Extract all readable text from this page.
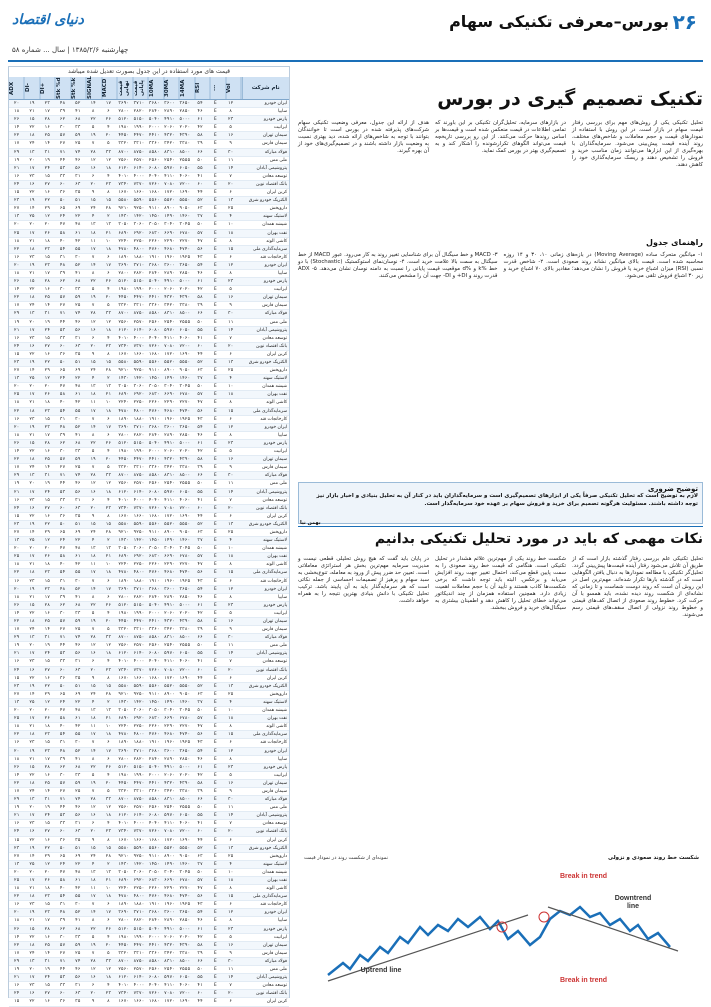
۲۶
دنیای اقتصاد	بورس–معرفی تکنیکی سهام
چهارشنبه ۱۳۸۵/۲/۶ | سال ... شماره ۵۸
قیمت های مورد استفاده در این جدول بصورت تعدیل شده میباشد
ADX	DI-	DI+	Stk %d	Stk %k	SIGNAL	MACD	قیمت نهایی قیمت پایانی 10MA	30MA	14MA	RSI	...	Vol	نام شرکت
۲۰	۱۹	۲۳	۴۸	۵۲	۱۴	۱۷	۳۶۹۰ ۳۷۱۰ ۳۶۸۰ ۳۶۰۰ ۳۶۵۰	۵۴	E	۱۲	ایران‌ خودرو
۱۸	۲۱	۱۷	۳۹	۴۱	۸	۶	۲۸۰۰ ۲۸۲۰ ۲۸۴۰ ۲۸۹۰ ۲۸۵۰	۴۶	E	۸	سایپا
۲۶	۱۵	۲۸	۶۲	۶۸	۲۲	۲۶	۵۱۲۰ ۵۱۵۰ ۵۰۴۰ ۴۹۱۰ ۵۰۰۰	۶۱	E	۲۳	پارس‌ خودرو
۱۴	۲۲	۱۶	۳۰	۳۳	۵	۴	۱۹۸۰ ۱۹۹۰ ۲۰۰۰ ۲۰۶۰ ۲۰۲۰	۴۲	E	۵	ایرانیت
۲۲	۱۸	۲۵	۵۷	۵۹	۱۹	۲۰	۴۴۵۰ ۴۴۷۰ ۴۴۱۰ ۴۳۲۰ ۴۳۹۰	۵۸	E	۱۶	سیمان‌ تهران
۱۷	۲۴	۱۴	۲۷	۲۵	۷	۵	۳۳۲۰ ۳۳۱۰ ۳۳۶۰ ۳۴۲۰ ۳۳۸۰	۳۹	E	۹	سیمان‌ فارس
۲۹	۱۳	۳۱	۷۱	۷۴	۲۸	۳۳	۸۷۰۰ ۸۷۵۰ ۸۵۸۰ ۸۳۱۰ ۸۵۰۰	۶۶	E	۳۰	فولاد مبارکه
۱۹	۲۰	۱۹	۴۴	۴۶	۱۲	۱۲	۲۵۶۰ ۲۵۷۰ ۲۵۶۰ ۲۵۴۰ ۲۵۵۵	۵۰	E	۱۱	ملی‌ مس
۲۱	۱۷	۲۴	۵۳	۵۶	۱۶	۱۸	۶۱۲۰ ۶۱۴۰ ۶۰۸۰ ۵۹۷۰ ۶۰۵۰	۵۵	E	۱۴	پتروشیمی‌ آبادان
۱۶	۲۳	۱۵	۳۳	۳۱	۶	۴	۴۰۱۰ ۴۰۰۰ ۴۰۴۰ ۴۱۱۰ ۴۰۶۰	۴۱	E	۷	توسعه‌ معادن
۲۴	۱۶	۲۷	۶۰	۶۳	۲۰	۲۳	۷۳۴۰ ۷۳۷۰ ۷۲۶۰ ۷۰۸۰ ۷۲۰۰	۶۰	E	۲۰	بانک‌ اقتصاد نوین
۱۵	۲۲	۱۶	۳۶	۳۵	۹	۸	۱۶۷۰ ۱۶۶۰ ۱۶۸۰ ۱۷۲۰ ۱۶۹۰	۴۴	E	۶	کربن‌ ایران
۲۳	۱۹	۲۲	۵۰	۵۱	۱۵	۱۵	۵۵۸۰ ۵۵۹۰ ۵۵۶۰ ۵۵۲۰ ۵۵۵۰	۵۲	E	۱۳	الکتریک‌ خودرو شرق
۲۷	۱۴	۲۹	۶۵	۶۹	۲۴	۲۸	۹۲۱۰ ۹۲۵۰ ۹۱۱۰ ۸۹۰۰ ۹۰۵۰	۶۳	E	۲۵	داروپخش
۱۳	۲۵	۱۲	۲۴	۲۲	۴	۲	۱۴۳۰ ۱۴۲۰ ۱۴۵۰ ۱۴۹۰ ۱۴۶۰	۳۷	E	۴	لاستیک‌ سهند
۲۰	۲۰	۲۰	۴۷	۴۸	۱۳	۱۳	۳۰۵۰ ۳۰۶۰ ۳۰۵۰ ۳۰۴۰ ۳۰۴۵	۵۰	E	۱۰	شیشه‌ همدان
۲۵	۱۷	۲۶	۵۸	۶۱	۱۸	۲۱	۶۸۹۰ ۶۹۲۰ ۶۸۳۰ ۶۶۹۰ ۶۷۸۰	۵۷	E	۱۸	نفت‌ بهران
۱۸	۲۱	۱۸	۴۰	۴۲	۱۱	۱۰	۲۲۴۰ ۲۲۵۰ ۲۲۶۰ ۲۲۹۰ ۲۲۷۰	۴۷	E	۸	کاشی‌ الوند
۲۲	۱۸	۲۳	۵۴	۵۵	۱۷	۱۸	۴۷۸۰ ۴۸۰۰ ۴۷۶۰ ۴۶۸۰ ۴۷۴۰	۵۶	E	۱۵	سرمایه‌گذاری‌ ملی
۱۶	۲۳	۱۵	۳۱	۳۰	۷	۶	۱۸۹۰ ۱۸۸۰ ۱۹۱۰ ۱۹۶۰ ۱۹۲۵	۴۳	E	۶	کارخانجات‌ قند
۲۰	۱۹	۲۳	۴۸	۵۲	۱۴	۱۷	۳۶۹۰ ۳۷۱۰ ۳۶۸۰ ۳۶۰۰ ۳۶۵۰	۵۴	E	۱۲	ایران‌ خودرو
۱۸	۲۱	۱۷	۳۹	۴۱	۸	۶	۲۸۰۰ ۲۸۲۰ ۲۸۴۰ ۲۸۹۰ ۲۸۵۰	۴۶	E	۸	سایپا
۲۶	۱۵	۲۸	۶۲	۶۸	۲۲	۲۶	۵۱۲۰ ۵۱۵۰ ۵۰۴۰ ۴۹۱۰ ۵۰۰۰	۶۱	E	۲۳	پارس‌ خودرو
۱۴	۲۲	۱۶	۳۰	۳۳	۵	۴	۱۹۸۰ ۱۹۹۰ ۲۰۰۰ ۲۰۶۰ ۲۰۲۰	۴۲	E	۵	ایرانیت
۲۲	۱۸	۲۵	۵۷	۵۹	۱۹	۲۰	۴۴۵۰ ۴۴۷۰ ۴۴۱۰ ۴۳۲۰ ۴۳۹۰	۵۸	E	۱۶	سیمان‌ تهران
۱۷	۲۴	۱۴	۲۷	۲۵	۷	۵	۳۳۲۰ ۳۳۱۰ ۳۳۶۰ ۳۴۲۰ ۳۳۸۰	۳۹	E	۹	سیمان‌ فارس
۲۹	۱۳	۳۱	۷۱	۷۴	۲۸	۳۳	۸۷۰۰ ۸۷۵۰ ۸۵۸۰ ۸۳۱۰ ۸۵۰۰	۶۶	E	۳۰	فولاد مبارکه
۱۹	۲۰	۱۹	۴۴	۴۶	۱۲	۱۲	۲۵۶۰ ۲۵۷۰ ۲۵۶۰ ۲۵۴۰ ۲۵۵۵	۵۰	E	۱۱	ملی‌ مس
۲۱	۱۷	۲۴	۵۳	۵۶	۱۶	۱۸	۶۱۲۰ ۶۱۴۰ ۶۰۸۰ ۵۹۷۰ ۶۰۵۰	۵۵	E	۱۴	پتروشیمی‌ آبادان
۱۶	۲۳	۱۵	۳۳	۳۱	۶	۴	۴۰۱۰ ۴۰۰۰ ۴۰۴۰ ۴۱۱۰ ۴۰۶۰	۴۱	E	۷	توسعه‌ معادن
۲۴	۱۶	۲۷	۶۰	۶۳	۲۰	۲۳	۷۳۴۰ ۷۳۷۰ ۷۲۶۰ ۷۰۸۰ ۷۲۰۰	۶۰	E	۲۰	بانک‌ اقتصاد نوین
۱۵	۲۲	۱۶	۳۶	۳۵	۹	۸	۱۶۷۰ ۱۶۶۰ ۱۶۸۰ ۱۷۲۰ ۱۶۹۰	۴۴	E	۶	کربن‌ ایران
۲۳	۱۹	۲۲	۵۰	۵۱	۱۵	۱۵	۵۵۸۰ ۵۵۹۰ ۵۵۶۰ ۵۵۲۰ ۵۵۵۰	۵۲	E	۱۳	الکتریک‌ خودرو شرق
۲۷	۱۴	۲۹	۶۵	۶۹	۲۴	۲۸	۹۲۱۰ ۹۲۵۰ ۹۱۱۰ ۸۹۰۰ ۹۰۵۰	۶۳	E	۲۵	داروپخش
۱۳	۲۵	۱۲	۲۴	۲۲	۴	۲	۱۴۳۰ ۱۴۲۰ ۱۴۵۰ ۱۴۹۰ ۱۴۶۰	۳۷	E	۴	لاستیک‌ سهند
۲۰	۲۰	۲۰	۴۷	۴۸	۱۳	۱۳	۳۰۵۰ ۳۰۶۰ ۳۰۵۰ ۳۰۴۰ ۳۰۴۵	۵۰	E	۱۰	شیشه‌ همدان
۲۵	۱۷	۲۶	۵۸	۶۱	۱۸	۲۱	۶۸۹۰ ۶۹۲۰ ۶۸۳۰ ۶۶۹۰ ۶۷۸۰	۵۷	E	۱۸	نفت‌ بهران
۱۸	۲۱	۱۸	۴۰	۴۲	۱۱	۱۰	۲۲۴۰ ۲۲۵۰ ۲۲۶۰ ۲۲۹۰ ۲۲۷۰	۴۷	E	۸	کاشی‌ الوند
۲۲	۱۸	۲۳	۵۴	۵۵	۱۷	۱۸	۴۷۸۰ ۴۸۰۰ ۴۷۶۰ ۴۶۸۰ ۴۷۴۰	۵۶	E	۱۵	سرمایه‌گذاری‌ ملی
۱۶	۲۳	۱۵	۳۱	۳۰	۷	۶	۱۸۹۰ ۱۸۸۰ ۱۹۱۰ ۱۹۶۰ ۱۹۲۵	۴۳	E	۶	کارخانجات‌ قند
۲۰	۱۹	۲۳	۴۸	۵۲	۱۴	۱۷	۳۶۹۰ ۳۷۱۰ ۳۶۸۰ ۳۶۰۰ ۳۶۵۰	۵۴	E	۱۲	ایران‌ خودرو
۱۸	۲۱	۱۷	۳۹	۴۱	۸	۶	۲۸۰۰ ۲۸۲۰ ۲۸۴۰ ۲۸۹۰ ۲۸۵۰	۴۶	E	۸	سایپا
۲۶	۱۵	۲۸	۶۲	۶۸	۲۲	۲۶	۵۱۲۰ ۵۱۵۰ ۵۰۴۰ ۴۹۱۰ ۵۰۰۰	۶۱	E	۲۳	پارس‌ خودرو
۱۴	۲۲	۱۶	۳۰	۳۳	۵	۴	۱۹۸۰ ۱۹۹۰ ۲۰۰۰ ۲۰۶۰ ۲۰۲۰	۴۲	E	۵	ایرانیت
۲۲	۱۸	۲۵	۵۷	۵۹	۱۹	۲۰	۴۴۵۰ ۴۴۷۰ ۴۴۱۰ ۴۳۲۰ ۴۳۹۰	۵۸	E	۱۶	سیمان‌ تهران
۱۷	۲۴	۱۴	۲۷	۲۵	۷	۵	۳۳۲۰ ۳۳۱۰ ۳۳۶۰ ۳۴۲۰ ۳۳۸۰	۳۹	E	۹	سیمان‌ فارس
۲۹	۱۳	۳۱	۷۱	۷۴	۲۸	۳۳	۸۷۰۰ ۸۷۵۰ ۸۵۸۰ ۸۳۱۰ ۸۵۰۰	۶۶	E	۳۰	فولاد مبارکه
۱۹	۲۰	۱۹	۴۴	۴۶	۱۲	۱۲	۲۵۶۰ ۲۵۷۰ ۲۵۶۰ ۲۵۴۰ ۲۵۵۵	۵۰	E	۱۱	ملی‌ مس
۲۱	۱۷	۲۴	۵۳	۵۶	۱۶	۱۸	۶۱۲۰ ۶۱۴۰ ۶۰۸۰ ۵۹۷۰ ۶۰۵۰	۵۵	E	۱۴	پتروشیمی‌ آبادان
۱۶	۲۳	۱۵	۳۳	۳۱	۶	۴	۴۰۱۰ ۴۰۰۰ ۴۰۴۰ ۴۱۱۰ ۴۰۶۰	۴۱	E	۷	توسعه‌ معادن
۲۴	۱۶	۲۷	۶۰	۶۳	۲۰	۲۳	۷۳۴۰ ۷۳۷۰ ۷۲۶۰ ۷۰۸۰ ۷۲۰۰	۶۰	E	۲۰	بانک‌ اقتصاد نوین
۱۵	۲۲	۱۶	۳۶	۳۵	۹	۸	۱۶۷۰ ۱۶۶۰ ۱۶۸۰ ۱۷۲۰ ۱۶۹۰	۴۴	E	۶	کربن‌ ایران
۲۳	۱۹	۲۲	۵۰	۵۱	۱۵	۱۵	۵۵۸۰ ۵۵۹۰ ۵۵۶۰ ۵۵۲۰ ۵۵۵۰	۵۲	E	۱۳	الکتریک‌ خودرو شرق
۲۷	۱۴	۲۹	۶۵	۶۹	۲۴	۲۸	۹۲۱۰ ۹۲۵۰ ۹۱۱۰ ۸۹۰۰ ۹۰۵۰	۶۳	E	۲۵	داروپخش
۱۳	۲۵	۱۲	۲۴	۲۲	۴	۲	۱۴۳۰ ۱۴۲۰ ۱۴۵۰ ۱۴۹۰ ۱۴۶۰	۳۷	E	۴	لاستیک‌ سهند
۲۰	۲۰	۲۰	۴۷	۴۸	۱۳	۱۳	۳۰۵۰ ۳۰۶۰ ۳۰۵۰ ۳۰۴۰ ۳۰۴۵	۵۰	E	۱۰	شیشه‌ همدان
۲۵	۱۷	۲۶	۵۸	۶۱	۱۸	۲۱	۶۸۹۰ ۶۹۲۰ ۶۸۳۰ ۶۶۹۰ ۶۷۸۰	۵۷	E	۱۸	نفت‌ بهران
۱۸	۲۱	۱۸	۴۰	۴۲	۱۱	۱۰	۲۲۴۰ ۲۲۵۰ ۲۲۶۰ ۲۲۹۰ ۲۲۷۰	۴۷	E	۸	کاشی‌ الوند
۲۲	۱۸	۲۳	۵۴	۵۵	۱۷	۱۸	۴۷۸۰ ۴۸۰۰ ۴۷۶۰ ۴۶۸۰ ۴۷۴۰	۵۶	E	۱۵	سرمایه‌گذاری‌ ملی
۱۶	۲۳	۱۵	۳۱	۳۰	۷	۶	۱۸۹۰ ۱۸۸۰ ۱۹۱۰ ۱۹۶۰ ۱۹۲۵	۴۳	E	۶	کارخانجات‌ قند
۲۰	۱۹	۲۳	۴۸	۵۲	۱۴	۱۷	۳۶۹۰ ۳۷۱۰ ۳۶۸۰ ۳۶۰۰ ۳۶۵۰	۵۴	E	۱۲	ایران‌ خودرو
۱۸	۲۱	۱۷	۳۹	۴۱	۸	۶	۲۸۰۰ ۲۸۲۰ ۲۸۴۰ ۲۸۹۰ ۲۸۵۰	۴۶	E	۸	سایپا
۲۶	۱۵	۲۸	۶۲	۶۸	۲۲	۲۶	۵۱۲۰ ۵۱۵۰ ۵۰۴۰ ۴۹۱۰ ۵۰۰۰	۶۱	E	۲۳	پارس‌ خودرو
۱۴	۲۲	۱۶	۳۰	۳۳	۵	۴	۱۹۸۰ ۱۹۹۰ ۲۰۰۰ ۲۰۶۰ ۲۰۲۰	۴۲	E	۵	ایرانیت
۲۲	۱۸	۲۵	۵۷	۵۹	۱۹	۲۰	۴۴۵۰ ۴۴۷۰ ۴۴۱۰ ۴۳۲۰ ۴۳۹۰	۵۸	E	۱۶	سیمان‌ تهران
۱۷	۲۴	۱۴	۲۷	۲۵	۷	۵	۳۳۲۰ ۳۳۱۰ ۳۳۶۰ ۳۴۲۰ ۳۳۸۰	۳۹	E	۹	سیمان‌ فارس
۲۹	۱۳	۳۱	۷۱	۷۴	۲۸	۳۳	۸۷۰۰ ۸۷۵۰ ۸۵۸۰ ۸۳۱۰ ۸۵۰۰	۶۶	E	۳۰	فولاد مبارکه
۱۹	۲۰	۱۹	۴۴	۴۶	۱۲	۱۲	۲۵۶۰ ۲۵۷۰ ۲۵۶۰ ۲۵۴۰ ۲۵۵۵	۵۰	E	۱۱	ملی‌ مس
۲۱	۱۷	۲۴	۵۳	۵۶	۱۶	۱۸	۶۱۲۰ ۶۱۴۰ ۶۰۸۰ ۵۹۷۰ ۶۰۵۰	۵۵	E	۱۴	پتروشیمی‌ آبادان
۱۶	۲۳	۱۵	۳۳	۳۱	۶	۴	۴۰۱۰ ۴۰۰۰ ۴۰۴۰ ۴۱۱۰ ۴۰۶۰	۴۱	E	۷	توسعه‌ معادن
۲۴	۱۶	۲۷	۶۰	۶۳	۲۰	۲۳	۷۳۴۰ ۷۳۷۰ ۷۲۶۰ ۷۰۸۰ ۷۲۰۰	۶۰	E	۲۰	بانک‌ اقتصاد نوین
۱۵	۲۲	۱۶	۳۶	۳۵	۹	۸	۱۶۷۰ ۱۶۶۰ ۱۶۸۰ ۱۷۲۰ ۱۶۹۰	۴۴	E	۶	کربن‌ ایران
۲۳	۱۹	۲۲	۵۰	۵۱	۱۵	۱۵	۵۵۸۰ ۵۵۹۰ ۵۵۶۰ ۵۵۲۰ ۵۵۵۰	۵۲	E	۱۳	الکتریک‌ خودرو شرق
۲۷	۱۴	۲۹	۶۵	۶۹	۲۴	۲۸	۹۲۱۰ ۹۲۵۰ ۹۱۱۰ ۸۹۰۰ ۹۰۵۰	۶۳	E	۲۵	داروپخش
۱۳	۲۵	۱۲	۲۴	۲۲	۴	۲	۱۴۳۰ ۱۴۲۰ ۱۴۵۰ ۱۴۹۰ ۱۴۶۰	۳۷	E	۴	لاستیک‌ سهند
۲۰	۲۰	۲۰	۴۷	۴۸	۱۳	۱۳	۳۰۵۰ ۳۰۶۰ ۳۰۵۰ ۳۰۴۰ ۳۰۴۵	۵۰	E	۱۰	شیشه‌ همدان
۲۵	۱۷	۲۶	۵۸	۶۱	۱۸	۲۱	۶۸۹۰ ۶۹۲۰ ۶۸۳۰ ۶۶۹۰ ۶۷۸۰	۵۷	E	۱۸	نفت‌ بهران
۱۸	۲۱	۱۸	۴۰	۴۲	۱۱	۱۰	۲۲۴۰ ۲۲۵۰ ۲۲۶۰ ۲۲۹۰ ۲۲۷۰	۴۷	E	۸	کاشی‌ الوند
۲۲	۱۸	۲۳	۵۴	۵۵	۱۷	۱۸	۴۷۸۰ ۴۸۰۰ ۴۷۶۰ ۴۶۸۰ ۴۷۴۰	۵۶	E	۱۵	سرمایه‌گذاری‌ ملی
۱۶	۲۳	۱۵	۳۱	۳۰	۷	۶	۱۸۹۰ ۱۸۸۰ ۱۹۱۰ ۱۹۶۰ ۱۹۲۵	۴۳	E	۶	کارخانجات‌ قند
۲۰	۱۹	۲۳	۴۸	۵۲	۱۴	۱۷	۳۶۹۰ ۳۷۱۰ ۳۶۸۰ ۳۶۰۰ ۳۶۵۰	۵۴	E	۱۲	ایران‌ خودرو
۱۸	۲۱	۱۷	۳۹	۴۱	۸	۶	۲۸۰۰ ۲۸۲۰ ۲۸۴۰ ۲۸۹۰ ۲۸۵۰	۴۶	E	۸	سایپا
۲۶	۱۵	۲۸	۶۲	۶۸	۲۲	۲۶	۵۱۲۰ ۵۱۵۰ ۵۰۴۰ ۴۹۱۰ ۵۰۰۰	۶۱	E	۲۳	پارس‌ خودرو
۱۴	۲۲	۱۶	۳۰	۳۳	۵	۴	۱۹۸۰ ۱۹۹۰ ۲۰۰۰ ۲۰۶۰ ۲۰۲۰	۴۲	E	۵	ایرانیت
۲۲	۱۸	۲۵	۵۷	۵۹	۱۹	۲۰	۴۴۵۰ ۴۴۷۰ ۴۴۱۰ ۴۳۲۰ ۴۳۹۰	۵۸	E	۱۶	سیمان‌ تهران
۱۷	۲۴	۱۴	۲۷	۲۵	۷	۵	۳۳۲۰ ۳۳۱۰ ۳۳۶۰ ۳۴۲۰ ۳۳۸۰	۳۹	E	۹	سیمان‌ فارس
۲۹	۱۳	۳۱	۷۱	۷۴	۲۸	۳۳	۸۷۰۰ ۸۷۵۰ ۸۵۸۰ ۸۳۱۰ ۸۵۰۰	۶۶	E	۳۰	فولاد مبارکه
۱۹	۲۰	۱۹	۴۴	۴۶	۱۲	۱۲	۲۵۶۰ ۲۵۷۰ ۲۵۶۰ ۲۵۴۰ ۲۵۵۵	۵۰	E	۱۱	ملی‌ مس
۲۱	۱۷	۲۴	۵۳	۵۶	۱۶	۱۸	۶۱۲۰ ۶۱۴۰ ۶۰۸۰ ۵۹۷۰ ۶۰۵۰	۵۵	E	۱۴	پتروشیمی‌ آبادان
۱۶	۲۳	۱۵	۳۳	۳۱	۶	۴	۴۰۱۰ ۴۰۰۰ ۴۰۴۰ ۴۱۱۰ ۴۰۶۰	۴۱	E	۷	توسعه‌ معادن
۲۴	۱۶	۲۷	۶۰	۶۳	۲۰	۲۳	۷۳۴۰ ۷۳۷۰ ۷۲۶۰ ۷۰۸۰ ۷۲۰۰	۶۰	E	۲۰	بانک‌ اقتصاد نوین
۱۵	۲۲	۱۶	۳۶	۳۵	۹	۸	۱۶۷۰ ۱۶۶۰ ۱۶۸۰ ۱۷۲۰ ۱۶۹۰	۴۴	E	۶	کربن‌ ایران
۲۳	۱۹	۲۲	۵۰	۵۱	۱۵	۱۵	۵۵۸۰ ۵۵۹۰ ۵۵۶۰ ۵۵۲۰ ۵۵۵۰	۵۲	E	۱۳	الکتریک‌ خودرو شرق
۲۷	۱۴	۲۹	۶۵	۶۹	۲۴	۲۸	۹۲۱۰ ۹۲۵۰ ۹۱۱۰ ۸۹۰۰ ۹۰۵۰	۶۳	E	۲۵	داروپخش
۱۳	۲۵	۱۲	۲۴	۲۲	۴	۲	۱۴۳۰ ۱۴۲۰ ۱۴۵۰ ۱۴۹۰ ۱۴۶۰	۳۷	E	۴	لاستیک‌ سهند
۲۰	۲۰	۲۰	۴۷	۴۸	۱۳	۱۳	۳۰۵۰ ۳۰۶۰ ۳۰۵۰ ۳۰۴۰ ۳۰۴۵	۵۰	E	۱۰	شیشه‌ همدان
۲۵	۱۷	۲۶	۵۸	۶۱	۱۸	۲۱	۶۸۹۰ ۶۹۲۰ ۶۸۳۰ ۶۶۹۰ ۶۷۸۰	۵۷	E	۱۸	نفت‌ بهران
۱۸	۲۱	۱۸	۴۰	۴۲	۱۱	۱۰	۲۲۴۰ ۲۲۵۰ ۲۲۶۰ ۲۲۹۰ ۲۲۷۰	۴۷	E	۸	کاشی‌ الوند
۲۲	۱۸	۲۳	۵۴	۵۵	۱۷	۱۸	۴۷۸۰ ۴۸۰۰ ۴۷۶۰ ۴۶۸۰ ۴۷۴۰	۵۶	E	۱۵	سرمایه‌گذاری‌ ملی
۱۶	۲۳	۱۵	۳۱	۳۰	۷	۶	۱۸۹۰ ۱۸۸۰ ۱۹۱۰ ۱۹۶۰ ۱۹۲۵	۴۳	E	۶	کارخانجات‌ قند
۲۰	۱۹	۲۳	۴۸	۵۲	۱۴	۱۷	۳۶۹۰ ۳۷۱۰ ۳۶۸۰ ۳۶۰۰ ۳۶۵۰	۵۴	E	۱۲	ایران‌ خودرو
۱۸	۲۱	۱۷	۳۹	۴۱	۸	۶	۲۸۰۰ ۲۸۲۰ ۲۸۴۰ ۲۸۹۰ ۲۸۵۰	۴۶	E	۸	سایپا
۲۶	۱۵	۲۸	۶۲	۶۸	۲۲	۲۶	۵۱۲۰ ۵۱۵۰ ۵۰۴۰ ۴۹۱۰ ۵۰۰۰	۶۱	E	۲۳	پارس‌ خودرو
۱۴	۲۲	۱۶	۳۰	۳۳	۵	۴	۱۹۸۰ ۱۹۹۰ ۲۰۰۰ ۲۰۶۰ ۲۰۲۰	۴۲	E	۵	ایرانیت
۲۲	۱۸	۲۵	۵۷	۵۹	۱۹	۲۰	۴۴۵۰ ۴۴۷۰ ۴۴۱۰ ۴۳۲۰ ۴۳۹۰	۵۸	E	۱۶	سیمان‌ تهران
۱۷	۲۴	۱۴	۲۷	۲۵	۷	۵	۳۳۲۰ ۳۳۱۰ ۳۳۶۰ ۳۴۲۰ ۳۳۸۰	۳۹	E	۹	سیمان‌ فارس
۲۹	۱۳	۳۱	۷۱	۷۴	۲۸	۳۳	۸۷۰۰ ۸۷۵۰ ۸۵۸۰ ۸۳۱۰ ۸۵۰۰	۶۶	E	۳۰	فولاد مبارکه
۱۹	۲۰	۱۹	۴۴	۴۶	۱۲	۱۲	۲۵۶۰ ۲۵۷۰ ۲۵۶۰ ۲۵۴۰ ۲۵۵۵	۵۰	E	۱۱	ملی‌ مس
۲۱	۱۷	۲۴	۵۳	۵۶	۱۶	۱۸	۶۱۲۰ ۶۱۴۰ ۶۰۸۰ ۵۹۷۰ ۶۰۵۰	۵۵	E	۱۴	پتروشیمی‌ آبادان
۱۶	۲۳	۱۵	۳۳	۳۱	۶	۴	۴۰۱۰ ۴۰۰۰ ۴۰۴۰ ۴۱۱۰ ۴۰۶۰	۴۱	E	۷	توسعه‌ معادن
۲۴	۱۶	۲۷	۶۰	۶۳	۲۰	۲۳	۷۳۴۰ ۷۳۷۰ ۷۲۶۰ ۷۰۸۰ ۷۲۰۰	۶۰	E	۲۰	بانک‌ اقتصاد نوین
۱۵	۲۲	۱۶	۳۶	۳۵	۹	۸	۱۶۷۰ ۱۶۶۰ ۱۶۸۰ ۱۷۲۰ ۱۶۹۰	۴۴	E	۶	کربن‌ ایران
تکنیک تصمیم گیری در بورس
تحلیل تکنیکی یکی از روش‌های مهم برای بررسی رفتار قیمت سهام در بازار است. در این روش با استفاده از نمودارهای قیمت و حجم معاملات و شاخص‌های مختلف، روند آینده قیمت پیش‌بینی می‌شود. سرمایه‌گذاران با بهره‌گیری از این ابزارها می‌توانند زمان مناسب خرید و فروش را تشخیص دهند و ریسک سرمایه‌گذاری خود را کاهش دهند.
در بازارهای سرمایه، تحلیل‌گران تکنیکی بر این باورند که تمامی اطلاعات در قیمت منعکس شده است و قیمت‌ها بر اساس روندها حرکت می‌کنند. از این رو بررسی تاریخچه قیمت می‌تواند الگوهای تکرارشونده را آشکار کند و به تصمیم‌گیری بهتر در بورس کمک نماید.
هدف از ارائه این جدول، معرفی وضعیت تکنیکی سهام شرکت‌های پذیرفته شده در بورس است تا خوانندگان بتوانند با توجه به شاخص‌های ارائه شده، دید بهتری نسبت به وضعیت بازار داشته باشند و در تصمیم‌گیری‌های خود از آن بهره گیرند.
راهنمای جدول
۱- میانگین متحرک ساده (Moving Average) در بازه‌های زمانی ۱۰، ۳۰ و ۱۴ روزه محاسبه شده است. قیمت بالای میانگین نشانه روند صعودی است. ۲- شاخص قدرت نسبی (RSI) میزان اشباع خرید یا فروش را نشان می‌دهد؛ مقادیر بالای ۷۰ اشباع خرید و زیر ۳۰ اشباع فروش تلقی می‌شود.
۳- MACD و خط سیگنال آن برای شناسایی تغییر روند به کار می‌رود. عبور MACD از خط سیگنال به سمت بالا علامت خرید است. ۴- نوسان‌نمای استوکستیک (Stochastic) با دو خط %k و %d موقعیت قیمت پایانی را نسبت به دامنه نوسان نشان می‌دهد. ۵- ADX قدرت روند و DI+ و DI- جهت آن را مشخص می‌کنند.
توضیح ضروری

لازم به توضیح است که تحلیل تکنیکی صرفاً یکی از ابزارهای تصمیم‌گیری است و سرمایه‌گذاران باید در کنار آن به تحلیل بنیادی و اخبار بازار نیز توجه داشته باشند. مسئولیت هرگونه تصمیم برای خرید و فروش سهام بر عهده خود سرمایه‌گذار است.

بهمن نیا
نکات مهمی که باید در مورد تحلیل تکنیکی بدانیم
تحلیل تکنیکی علم بررسی رفتار گذشته بازار است که از طریق آن تلاش می‌شود رفتار آینده قیمت‌ها پیش‌بینی گردد. تحلیل‌گر تکنیکی با مطالعه نمودارها به دنبال یافتن الگوهایی است که در گذشته بارها تکرار شده‌اند. مهم‌ترین اصل در این روش آن است که روند دوست شماست و تا زمانی که نشانه‌ای از شکست روند دیده نشده، باید همسو با آن حرکت کرد. خطوط روند صعودی از اتصال کف‌های قیمتی و خطوط روند نزولی از اتصال سقف‌های قیمتی رسم می‌شوند.
شکست خط روند یکی از مهم‌ترین علائم هشدار در تحلیل تکنیکی است. هنگامی که قیمت خط روند صعودی را به سمت پایین قطع می‌کند، احتمال تغییر جهت روند افزایش می‌یابد و برعکس. البته باید توجه داشت که برخی شکست‌ها کاذب هستند و تأیید آن با حجم معاملات اهمیت زیادی دارد. همچنین استفاده همزمان از چند اندیکاتور می‌تواند خطای تحلیل را کاهش دهد و اطمینان بیشتری به سیگنال‌های خرید و فروش ببخشد.
در پایان باید گفت که هیچ روش تحلیلی قطعی نیست و مدیریت سرمایه مهم‌ترین بخش هر استراتژی معاملاتی است. تعیین حد ضرر پیش از ورود به معامله، تنوع‌بخشی به سبد سهام و پرهیز از تصمیمات احساسی از جمله نکاتی است که هر سرمایه‌گذار باید به آن پایبند باشد. ترکیب تحلیل تکنیکی با دانش بنیادی بهترین نتیجه را به همراه خواهد داشت.
شکست خط روند صعودی و نزولی
نمونه‌ای از شکست روند در نمودار قیمت
Break in trend
Downtrend line
Uptrend line
Break in trend
